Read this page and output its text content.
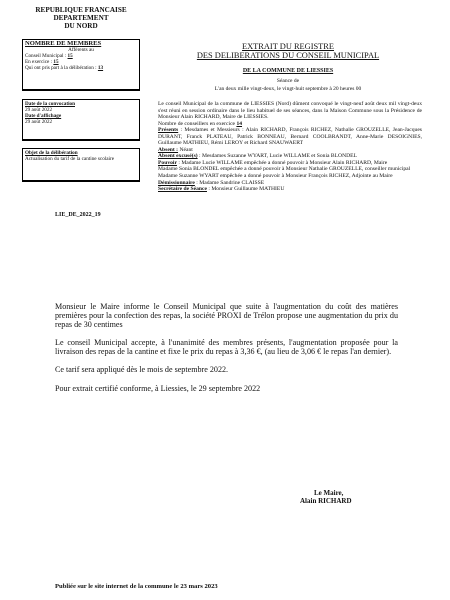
REPUBLIQUE FRANCAISE
DEPARTEMENT
DU NORD
NOMBRE DE MEMBRES
Afférents au
Conseil Municipal : 15
En exercice : 15
Qui ont pris part à la délibération : 13
Date de la convocation
29 août 2022
Date d'affichage
29 août 2022
Objet de la délibération
Actualisation du tarif de la cantine scolaire
LIE_DE_2022_19
EXTRAIT DU REGISTRE
DES DELIBERATIONS DU CONSEIL MUNICIPAL
DE LA COMMUNE DE LIESSIES
Séance de
L'an deux mille vingt-deux, le vingt-huit septembre à 20 heures 00

Le conseil Municipal de la commune de LIESSIES (Nord) dûment convoqué le vingt-neuf août deux mil vingt-deux s'est réuni en session ordinaire dans le lieu habituel de ses séances, dans la Maison Commune sous la Présidence de Monsieur Alain RICHARD, Maire de LIESSIES.

Nombre de conseillers en exercice 14

Présents : Mesdames et Messieurs : Alain RICHARD, François RICHEZ, Nathalie GROUZELLE, Jean-Jacques DURANT, Franck PLATEAU, Patrick BONNEAU, Bernard COOLBRANDT, Anne-Marie DESOIGNIES, Guillaume MATHIEU, Rémi LEROY et Richard SNAUWAERT

Absent : Néant

Absent excusé(s) : Mesdames Suzanne WYART, Lucie WILLAME et Sonia BLONDEL

Pouvoir : Madame Lucie WILLAME empêchée a donné pouvoir à Monsieur Alain RICHARD, Maire

Madame Sonia BLONDEL empêchée a donné pouvoir à Monsieur Nathalie GROUZELLE, conseiller municipal

Madame Suzanne WYART empêchée a donné pouvoir à Monsieur François RICHEZ, Adjointe au Maire

Démissionnaire : Madame Sandrine CLAISSE

Secrétaire de Séance : Monsieur Guillaume MATHIEU

Monsieur le Maire informe le Conseil Municipal que suite à l'augmentation du coût des matières premières pour la confection des repas, la société PROXI de Trélon propose une augmentation du prix du repas de 30 centimes

Le conseil Municipal accepte, à l'unanimité des membres présents, l'augmentation proposée pour la livraison des repas de la cantine et fixe le prix du repas à 3,36 €, (au lieu de 3,06 € le repas l'an dernier).

Ce tarif sera appliqué dès le mois de septembre 2022.

Pour extrait certifié conforme, à Liessies, le 29 septembre 2022

Le Maire,
Alain RICHARD
Publiée sur le site internet de la commune le 23 mars 2023
